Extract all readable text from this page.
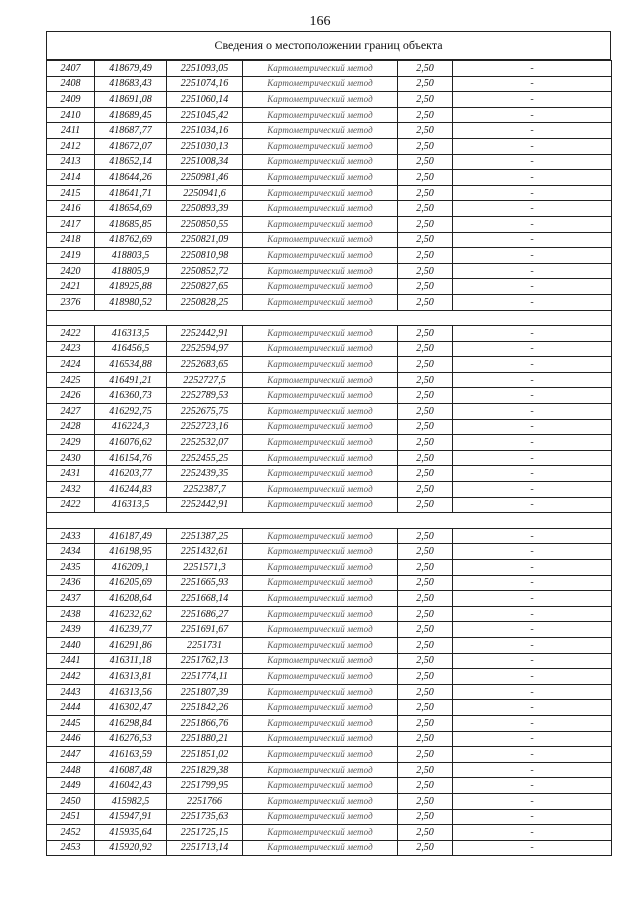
166
Сведения о местоположении границ объекта
2407	418679,49	2251093,05	Картометрический метод	2,50	-
2408	418683,43	2251074,16	Картометрический метод	2,50	-
2409	418691,08	2251060,14	Картометрический метод	2,50	-
2410	418689,45	2251045,42	Картометрический метод	2,50	-
2411	418687,77	2251034,16	Картометрический метод	2,50	-
2412	418672,07	2251030,13	Картометрический метод	2,50	-
2413	418652,14	2251008,34	Картометрический метод	2,50	-
2414	418644,26	2250981,46	Картометрический метод	2,50	-
2415	418641,71	2250941,6	Картометрический метод	2,50	-
2416	418654,69	2250893,39	Картометрический метод	2,50	-
2417	418685,85	2250850,55	Картометрический метод	2,50	-
2418	418762,69	2250821,09	Картометрический метод	2,50	-
2419	418803,5	2250810,98	Картометрический метод	2,50	-
2420	418805,9	2250852,72	Картометрический метод	2,50	-
2421	418925,88	2250827,65	Картометрический метод	2,50	-
2376	418980,52	2250828,25	Картометрический метод	2,50	-

2422	416313,5	2252442,91	Картометрический метод	2,50	-
2423	416456,5	2252594,97	Картометрический метод	2,50	-
2424	416534,88	2252683,65	Картометрический метод	2,50	-
2425	416491,21	2252727,5	Картометрический метод	2,50	-
2426	416360,73	2252789,53	Картометрический метод	2,50	-
2427	416292,75	2252675,75	Картометрический метод	2,50	-
2428	416224,3	2252723,16	Картометрический метод	2,50	-
2429	416076,62	2252532,07	Картометрический метод	2,50	-
2430	416154,76	2252455,25	Картометрический метод	2,50	-
2431	416203,77	2252439,35	Картометрический метод	2,50	-
2432	416244,83	2252387,7	Картометрический метод	2,50	-
2422	416313,5	2252442,91	Картометрический метод	2,50	-

2433	416187,49	2251387,25	Картометрический метод	2,50	-
2434	416198,95	2251432,61	Картометрический метод	2,50	-
2435	416209,1	2251571,3	Картометрический метод	2,50	-
2436	416205,69	2251665,93	Картометрический метод	2,50	-
2437	416208,64	2251668,14	Картометрический метод	2,50	-
2438	416232,62	2251686,27	Картометрический метод	2,50	-
2439	416239,77	2251691,67	Картометрический метод	2,50	-
2440	416291,86	2251731	Картометрический метод	2,50	-
2441	416311,18	2251762,13	Картометрический метод	2,50	-
2442	416313,81	2251774,11	Картометрический метод	2,50	-
2443	416313,56	2251807,39	Картометрический метод	2,50	-
2444	416302,47	2251842,26	Картометрический метод	2,50	-
2445	416298,84	2251866,76	Картометрический метод	2,50	-
2446	416276,53	2251880,21	Картометрический метод	2,50	-
2447	416163,59	2251851,02	Картометрический метод	2,50	-
2448	416087,48	2251829,38	Картометрический метод	2,50	-
2449	416042,43	2251799,95	Картометрический метод	2,50	-
2450	415982,5	2251766	Картометрический метод	2,50	-
2451	415947,91	2251735,63	Картометрический метод	2,50	-
2452	415935,64	2251725,15	Картометрический метод	2,50	-
2453	415920,92	2251713,14	Картометрический метод	2,50	-
